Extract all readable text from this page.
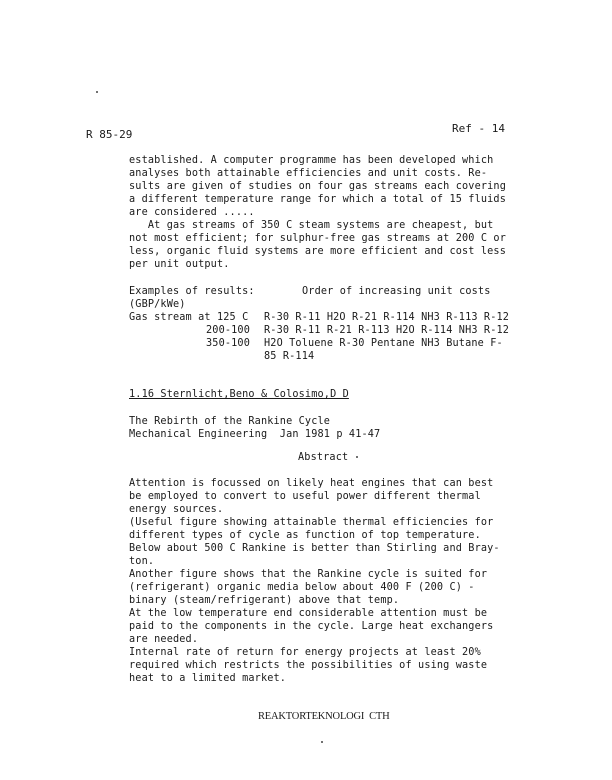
R 85-29	Ref - 14
established. A computer programme has been developed which
analyses both attainable efficiencies and unit costs. Re-
sults are given of studies on four gas streams each covering
a different temperature range for which a total of 15 fluids
are considered .....
At gas streams of 350 C steam systems are cheapest, but
not most efficient; for sulphur-free gas streams at 200 C or
less, organic fluid systems are more efficient and cost less
per unit output.
Examples of results:	Order of increasing unit costs
(GBP/kWe)
Gas stream at 125 C R-30 R-11 H2O R-21 R-114 NH3 R-113 R-12
200-100 R-30 R-11 R-21 R-113 H2O R-114 NH3 R-12
350-100 H2O Toluene R-30 Pentane NH3 Butane F-
85 R-114
1.16 Sternlicht,Beno & Colosimo,D D
The Rebirth of the Rankine Cycle
Mechanical Engineering  Jan 1981 p 41-47
Abstract
Attention is focussed on likely heat engines that can best
be employed to convert to useful power different thermal
energy sources.
(Useful figure showing attainable thermal efficiencies for
different types of cycle as function of top temperature.
Below about 500 C Rankine is better than Stirling and Bray-
ton.
Another figure shows that the Rankine cycle is suited for
(refrigerant) organic media below about 400 F (200 C) -
binary (steam/refrigerant) above that temp.
At the low temperature end considerable attention must be
paid to the components in the cycle. Large heat exchangers
are needed.
Internal rate of return for energy projects at least 20%
required which restricts the possibilities of using waste
heat to a limited market.
REAKTORTEKNOLOGI  CTH
